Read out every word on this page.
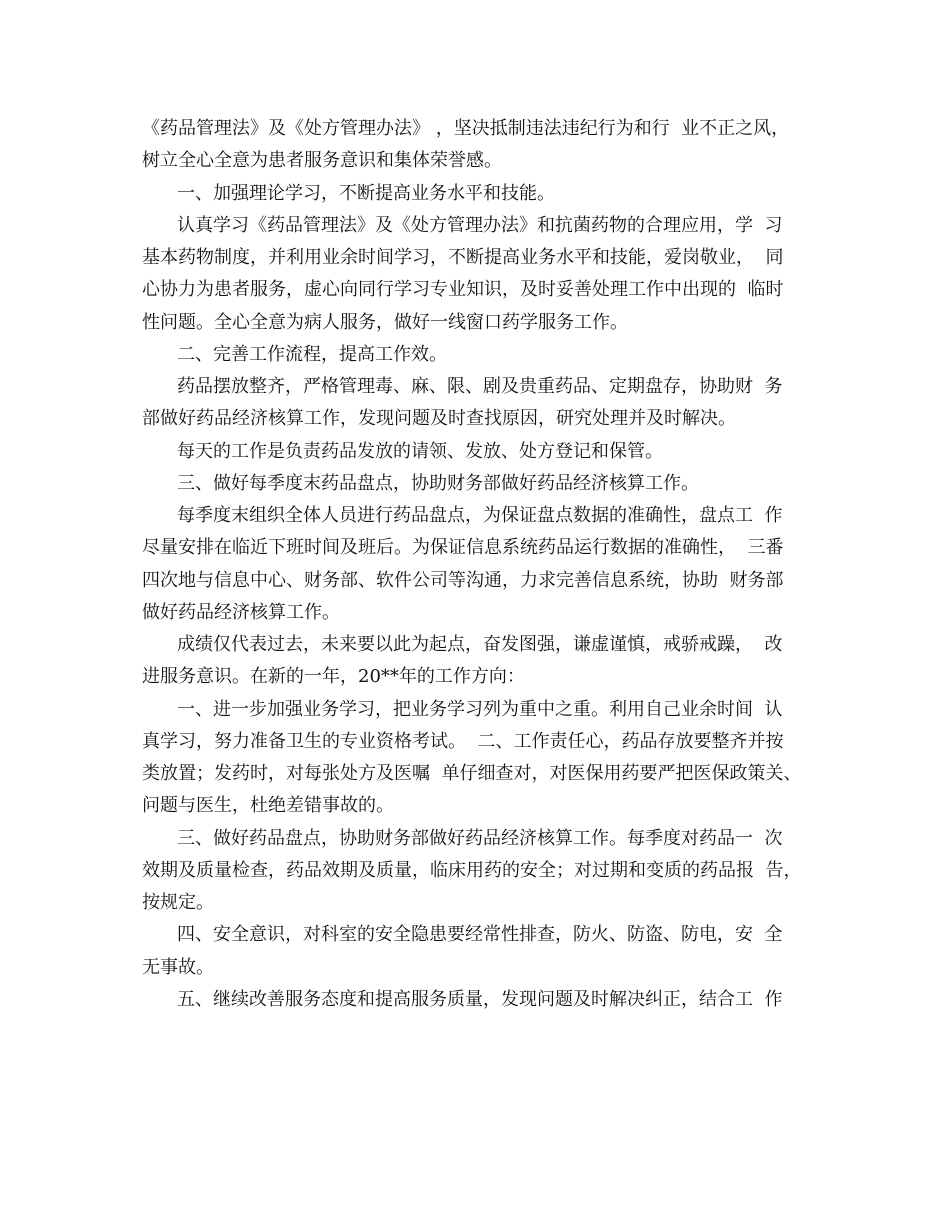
《药品管理法》及《处方管理办法》 ，坚决抵制违法违纪行为和行  业不正之风，
树立全心全意为患者服务意识和集体荣誉感。
一、加强理论学习，不断提高业务水平和技能。
认真学习《药品管理法》及《处方管理办法》和抗菌药物的合理应用，学  习
基本药物制度，并利用业余时间学习，不断提高业务水平和技能，爱岗敬业，  同
心协力为患者服务，虚心向同行学习专业知识，及时妥善处理工作中出现的  临时
性问题。全心全意为病人服务，做好一线窗口药学服务工作。
二、完善工作流程，提高工作效。
药品摆放整齐，严格管理毒、麻、限、剧及贵重药品、定期盘存，协助财  务
部做好药品经济核算工作，发现问题及时查找原因，研究处理并及时解决。
每天的工作是负责药品发放的请领、发放、处方登记和保管。
三、做好每季度末药品盘点，协助财务部做好药品经济核算工作。
每季度末组织全体人员进行药品盘点，为保证盘点数据的准确性，盘点工  作
尽量安排在临近下班时间及班后。为保证信息系统药品运行数据的准确性，  三番
四次地与信息中心、财务部、软件公司等沟通，力求完善信息系统，协助  财务部
做好药品经济核算工作。
成绩仅代表过去，未来要以此为起点，奋发图强，谦虚谨慎，戒骄戒躁，  改
进服务意识。在新的一年，20**年的工作方向：
一、进一步加强业务学习，把业务学习列为重中之重。利用自己业余时间  认
真学习，努力准备卫生的专业资格考试。  二、工作责任心，药品存放要整齐并按
类放置；发药时，对每张处方及医嘱  单仔细查对，对医保用药要严把医保政策关、
问题与医生，杜绝差错事故的。
三、做好药品盘点，协助财务部做好药品经济核算工作。每季度对药品一  次
效期及质量检查，药品效期及质量，临床用药的安全；对过期和变质的药品报  告，
按规定。
四、安全意识，对科室的安全隐患要经常性排查，防火、防盗、防电，安  全
无事故。
五、继续改善服务态度和提高服务质量，发现问题及时解决纠正，结合工  作
